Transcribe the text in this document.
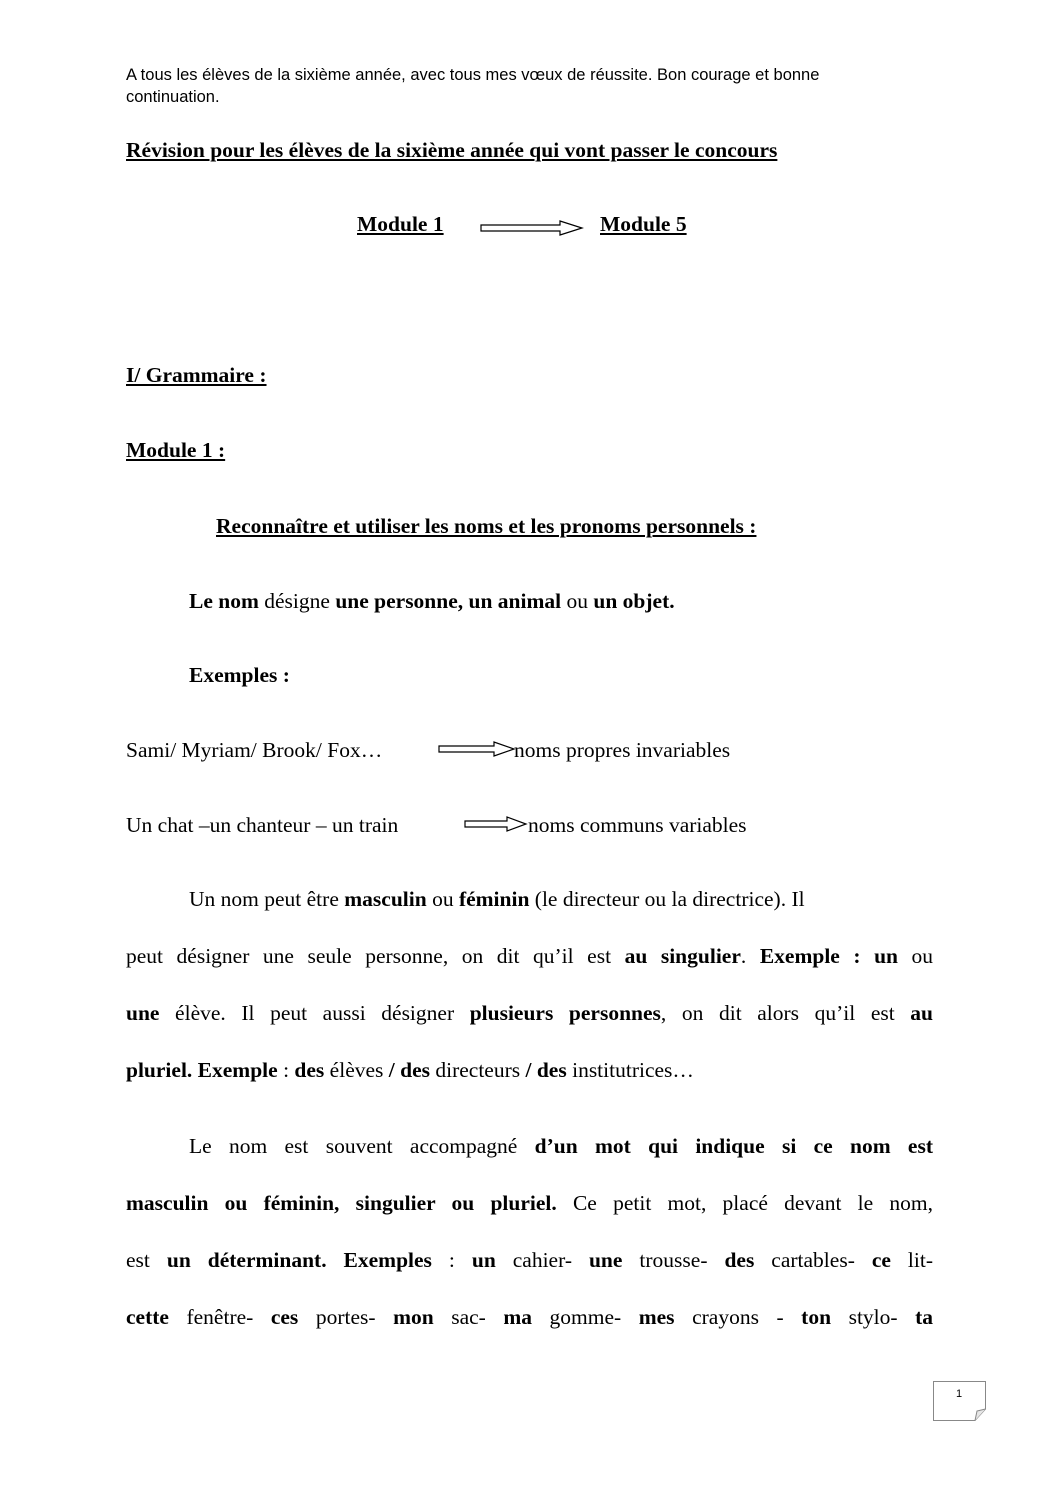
A tous les élèves de la sixième année, avec tous mes vœux de réussite. Bon courage et bonne continuation.
Révision pour les élèves de la sixième année qui vont passer le concours
Module 1	Module 5
I/ Grammaire :
Module 1 :
Reconnaître et utiliser les noms et les pronoms personnels :
Le nom désigne une personne, un animal ou un objet.
Exemples :
Sami/ Myriam/ Brook/ Fox…	noms propres invariables
Un chat –un chanteur – un train	noms communs variables
Un nom peut être masculin ou féminin (le directeur ou la directrice). Il
peut désigner une seule personne, on dit qu’il est au singulier. Exemple : un ou
une élève. Il peut aussi désigner plusieurs personnes, on dit alors qu’il est au
pluriel. Exemple : des élèves / des directeurs / des institutrices…
Le nom est souvent accompagné d’un mot qui indique si ce nom est
masculin ou féminin, singulier ou pluriel. Ce petit mot, placé devant le nom,
est un déterminant. Exemples : un cahier- une trousse- des cartables- ce lit-
cette fenêtre- ces portes- mon sac- ma gomme- mes crayons - ton stylo- ta
1
